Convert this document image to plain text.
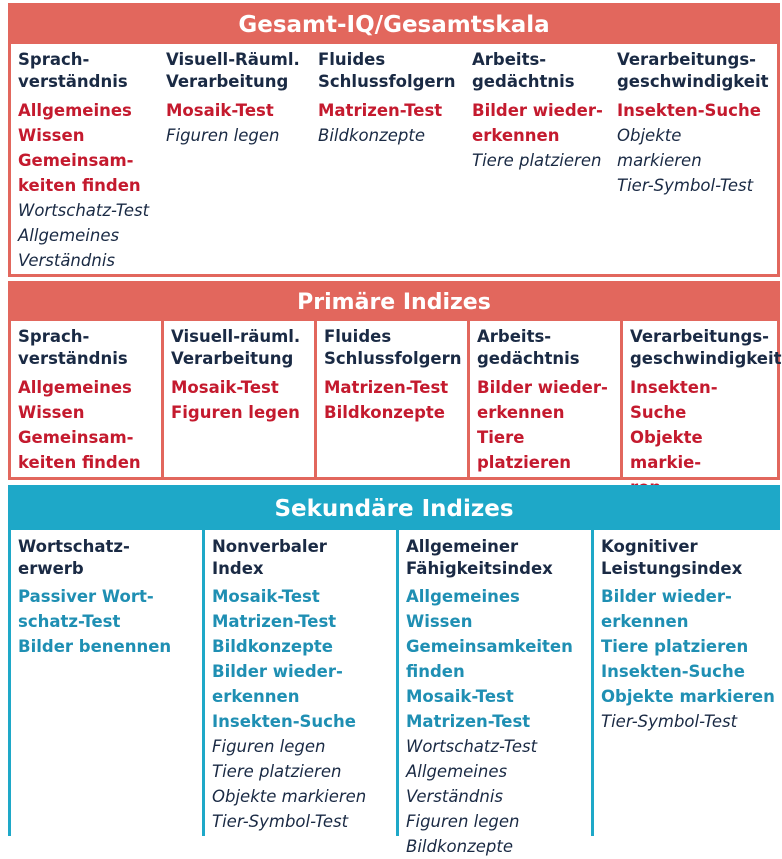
Gesamt-IQ/Gesamtskala
Sprach-
verständnis
Allgemeines
Wissen
Gemeinsam-
keiten finden
Wortschatz-Test
Allgemeines
Verständnis
Visuell-Räuml.
Verarbeitung
Mosaik-Test
Figuren legen
Fluides
Schlussfolgern
Matrizen-Test
Bildkonzepte
Arbeits-
gedächtnis
Bilder wieder-
erkennen
Tiere platzieren
Verarbeitungs-
geschwindigkeit
Insekten-Suche
Objekte markieren
Tier-Symbol-Test
Primäre Indizes
Sprach-
verständnis
Allgemeines
Wissen
Gemeinsam-
keiten finden
Visuell-räuml.
Verarbeitung
Mosaik-Test
Figuren legen
Fluides
Schlussfolgern
Matrizen-Test
Bildkonzepte
Arbeits-
gedächtnis
Bilder wieder-
erkennen
Tiere platzieren
Verarbeitungs-
geschwindigkeit
Insekten-Suche
Objekte markie-
Sekundäre Indizes
Wortschatz-
erwerb
Passiver Wort-
schatz-Test
Bilder benennen
Nonverbaler
Index
Mosaik-Test
Matrizen-Test
Bildkonzepte
Bilder wieder-
erkennen
Insekten-Suche
Figuren legen
Tiere platzieren
Objekte markieren
Tier-Symbol-Test
Allgemeiner
Fähigkeitsindex
Allgemeines Wissen
Gemeinsamkeiten
finden
Mosaik-Test
Matrizen-Test
Wortschatz-Test
Allgemeines Verständnis
Figuren legen
Bildkonzepte
Kognitiver
Leistungsindex
Bilder wieder-
erkennen
Tiere platzieren
Insekten-Suche
Objekte markieren
Tier-Symbol-Test
